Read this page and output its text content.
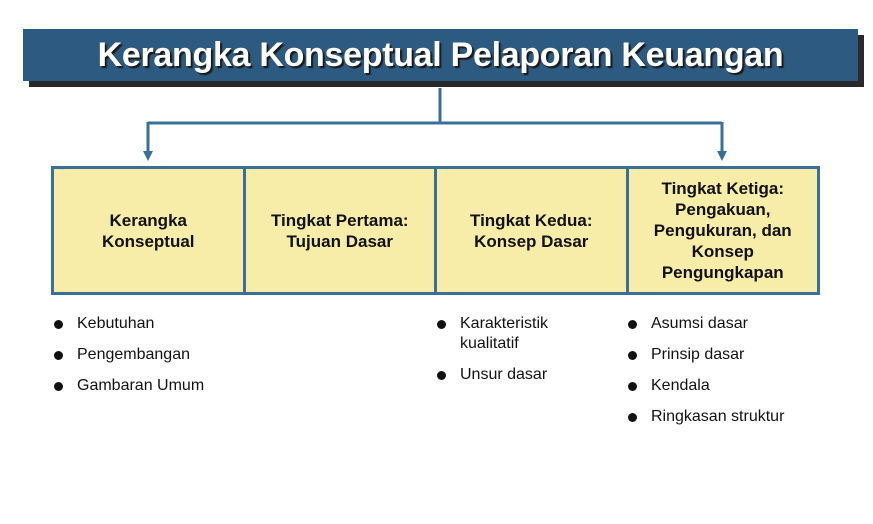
Kerangka Konseptual Pelaporan Keuangan
Kerangka
Konseptual
Tingkat Pertama:
Tujuan Dasar
Tingkat Kedua:
Konsep Dasar
Tingkat Ketiga:
Pengakuan,
Pengukuran, dan
Konsep
Pengungkapan
Kebutuhan
Pengembangan
Gambaran Umum
Karakteristik kualitatif
Unsur dasar
Asumsi dasar
Prinsip dasar
Kendala
Ringkasan struktur
